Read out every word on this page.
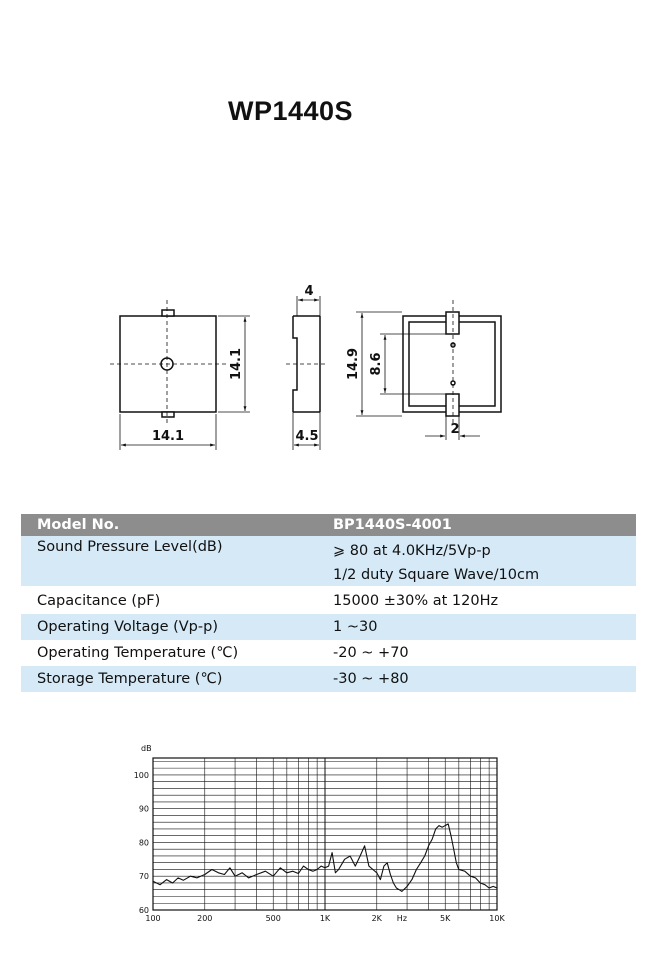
WP1440S
14.1
14.1
4
4.5
14.9 8.6
2
Model No.	BP1440S-4001
Sound Pressure Level(dB)	⩾ 80 at 4.0KHz/5Vp-p
1/2 duty Square Wave/10cm
Capacitance (pF)	15000 ±30% at 120Hz
Operating Voltage (Vp-p)	1 ~30
Operating Temperature (℃)	-20 ~ +70
Storage Temperature (℃)	-30 ~ +80
60
70
80
90
100
dB
100	200	500	1K	2K Hz	5K	10K
